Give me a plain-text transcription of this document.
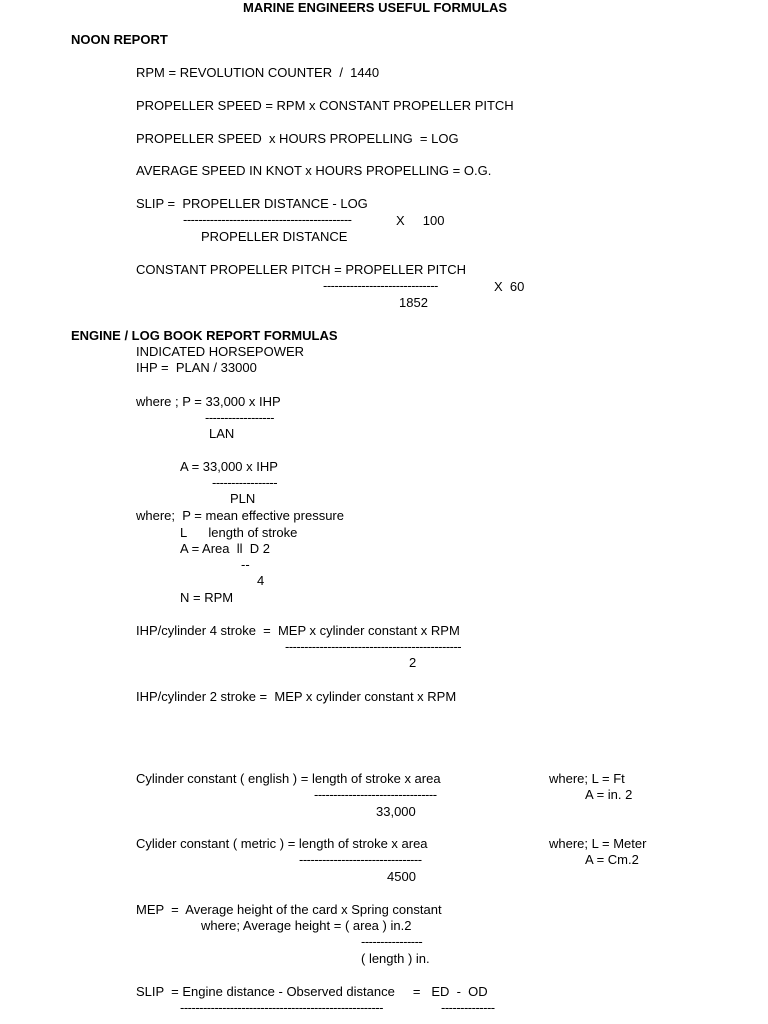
MARINE ENGINEERS USEFUL FORMULAS
NOON REPORT
RPM = REVOLUTION COUNTER  /  1440
PROPELLER SPEED = RPM x CONSTANT PROPELLER PITCH
PROPELLER SPEED  x HOURS PROPELLING  = LOG
AVERAGE SPEED IN KNOT x HOURS PROPELLING = O.G.
SLIP =  PROPELLER DISTANCE - LOG
--------------------------------------------	X     100
PROPELLER DISTANCE
CONSTANT PROPELLER PITCH = PROPELLER PITCH
------------------------------	X  60
1852
ENGINE / LOG BOOK REPORT FORMULAS
INDICATED HORSEPOWER
IHP =  PLAN / 33000
where ; P = 33,000 x IHP
------------------
LAN
A = 33,000 x IHP
-----------------
PLN
where;  P = mean effective pressure
L      length of stroke
A = Area  ll  D 2
--
4
N = RPM
IHP/cylinder 4 stroke  =  MEP x cylinder constant x RPM
----------------------------------------------
2
IHP/cylinder 2 stroke =  MEP x cylinder constant x RPM
Cylinder constant ( english ) = length of stroke x area	where; L = Ft
--------------------------------	A = in. 2
33,000
Cylider constant ( metric ) = length of stroke x area	where; L = Meter
--------------------------------	A = Cm.2
4500
MEP  =  Average height of the card x Spring constant
where; Average height = ( area ) in.2
----------------
( length ) in.
SLIP  = Engine distance - Observed distance     =   ED  -  OD
-----------------------------------------------------	--------------
